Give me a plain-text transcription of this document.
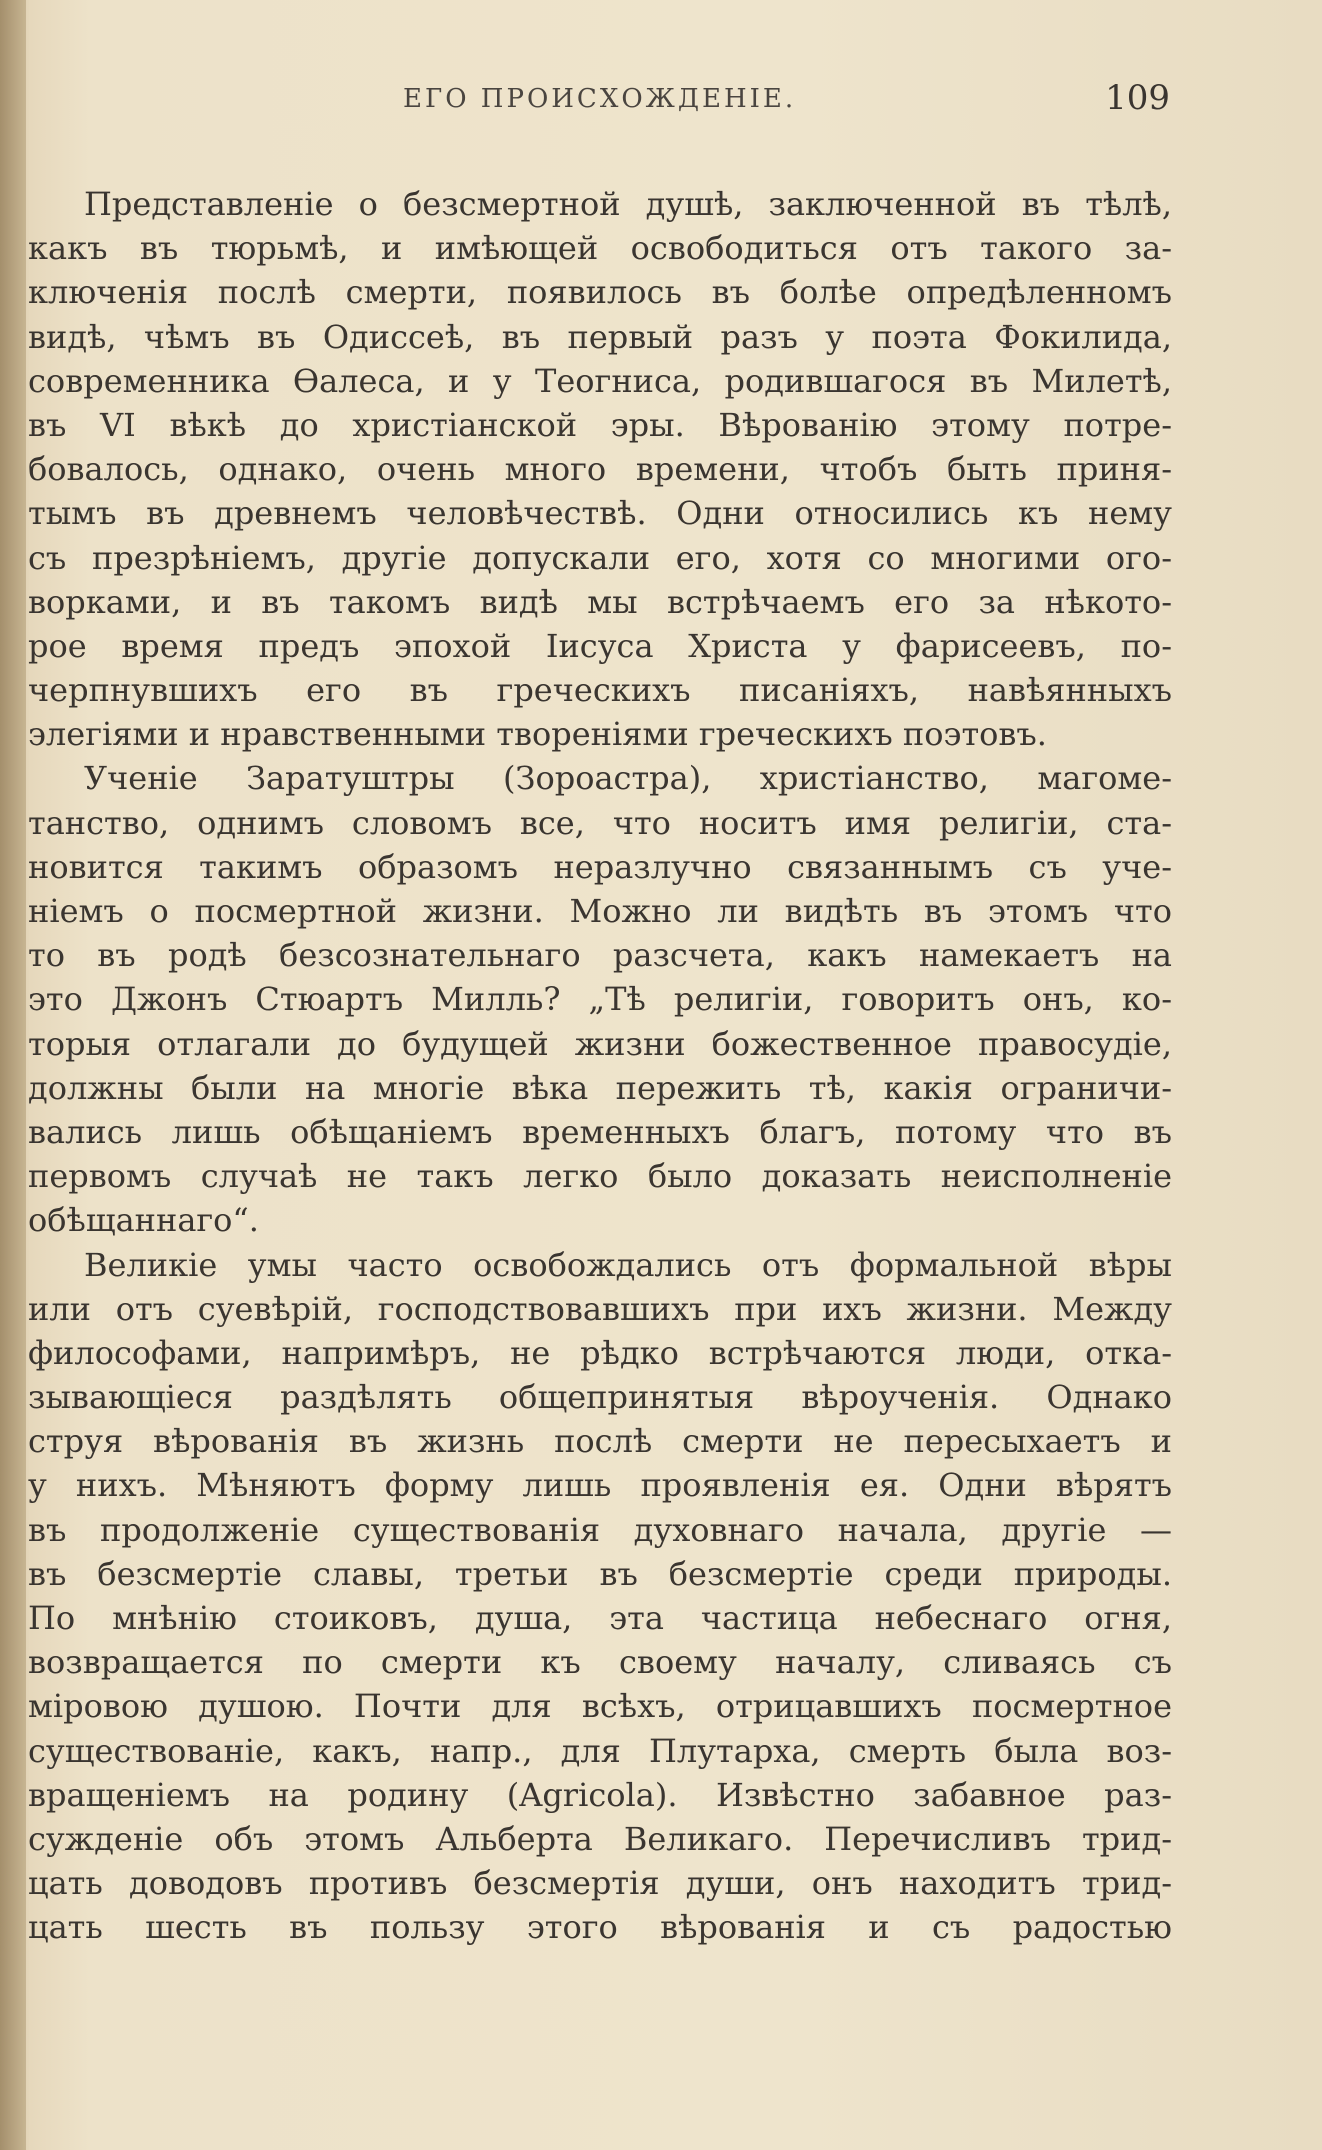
ЕГО ПРОИСХОЖДЕНІЕ.	109
Представленіе о безсмертной душѣ, заключенной въ тѣлѣ,
какъ въ тюрьмѣ, и имѣющей освободиться отъ такого за-
ключенія послѣ смерти, появилось въ болѣе опредѣленномъ
видѣ, чѣмъ въ Одиссеѣ, въ первый разъ у поэта Фокилида,
современника Ѳалеса, и у Теогниса, родившагося въ Милетѣ,
въ VI вѣкѣ до христіанской эры. Вѣрованію этому потре-
бовалось, однако, очень много времени, чтобъ быть приня-
тымъ въ древнемъ человѣчествѣ. Одни относились къ нему
съ презрѣніемъ, другіе допускали его, хотя со многими ого-
ворками, и въ такомъ видѣ мы встрѣчаемъ его за нѣкото-
рое время предъ эпохой Іисуса Христа у фарисеевъ, по-
черпнувшихъ его въ греческихъ писаніяхъ, навѣянныхъ
элегіями и нравственными твореніями греческихъ поэтовъ.
Ученіе Заратуштры (Зороастра), христіанство, магоме-
танство, однимъ словомъ все, что носитъ имя религіи, ста-
новится такимъ образомъ неразлучно связаннымъ съ уче-
ніемъ о посмертной жизни. Можно ли видѣть въ этомъ что
то въ родѣ безсознательнаго разсчета, какъ намекаетъ на
это Джонъ Стюартъ Милль? „Тѣ религіи, говоритъ онъ, ко-
торыя отлагали до будущей жизни божественное правосудіе,
должны были на многіе вѣка пережить тѣ, какія ограничи-
вались лишь обѣщаніемъ временныхъ благъ, потому что въ
первомъ случаѣ не такъ легко было доказать неисполненіе
обѣщаннаго“.
Великіе умы часто освобождались отъ формальной вѣры
или отъ суевѣрій, господствовавшихъ при ихъ жизни. Между
философами, напримѣръ, не рѣдко встрѣчаются люди, отка-
зывающіеся раздѣлять общепринятыя вѣроученія. Однако
струя вѣрованія въ жизнь послѣ смерти не пересыхаетъ и
у нихъ. Мѣняютъ форму лишь проявленія ея. Одни вѣрятъ
въ продолженіе существованія духовнаго начала, другіе —
въ безсмертіе славы, третьи въ безсмертіе среди природы.
По мнѣнію стоиковъ, душа, эта частица небеснаго огня,
возвращается по смерти къ своему началу, сливаясь съ
міровою душою. Почти для всѣхъ, отрицавшихъ посмертное
существованіе, какъ, напр., для Плутарха, смерть была воз-
вращеніемъ на родину (Agricola). Извѣстно забавное раз-
сужденіе объ этомъ Альберта Великаго. Перечисливъ трид-
цать доводовъ противъ безсмертія души, онъ находитъ трид-
цать шесть въ пользу этого вѣрованія и съ радостью
